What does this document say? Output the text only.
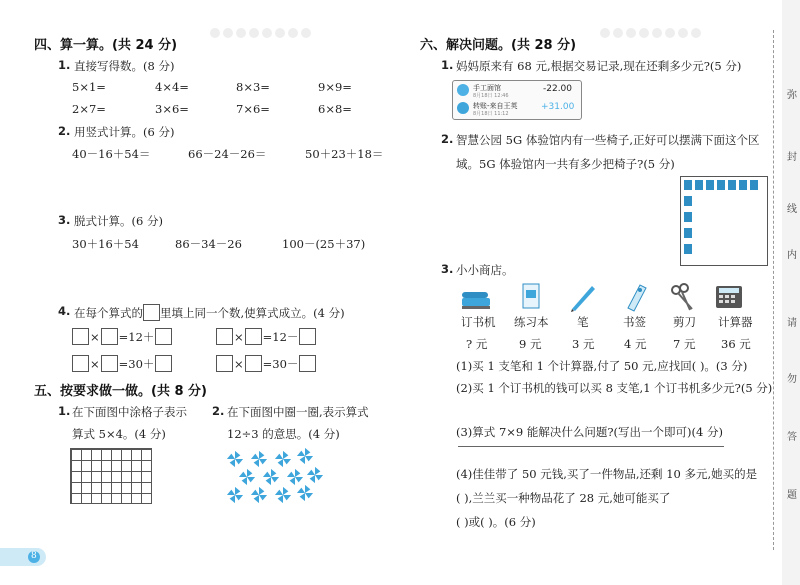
四、算一算。(共 24 分)
1. 直接写得数。(8 分)
5×1=	4×4=	8×3=	9×9=
2×7=	3×6=	7×6=	6×8=
2. 用竖式计算。(6 分)
40－16＋54＝	66－24－26＝	50＋23＋18＝
3. 脱式计算。(6 分)
30＋16＋54	86－34－26	100－(25＋37)
4. 在每个算式的 里填上同一个数,使算式成立。(4 分)
× =12＋	× =12－
× =30＋	× =30－
五、按要求做一做。(共 8 分)
1. 在下面图中涂格子表示
算式 5×4。(4 分)
2. 在下面图中圈一圈,表示算式
12÷3 的意思。(4 分)
8
六、解决问题。(共 28 分)
1. 妈妈原来有 68 元,根据交易记录,现在还剩多少元?(5 分)
手工面馆
8月18日 12:46
-22.00
转账-来自王英
8月18日 11:12
+31.00
2. 智慧公园 5G 体验馆内有一些椅子,正好可以摆满下面这个区
域。5G 体验馆内一共有多少把椅子?(5 分)
3. 小小商店。
订书机 练习本 笔	书签 剪刀 计算器
? 元	9 元	3 元	4 元 7 元 36 元
(1)买 1 支笔和 1 个计算器,付了 50 元,应找回( )。(3 分)
(2)买 1 个订书机的钱可以买 8 支笔,1 个订书机多少元?(5 分)
(3)算式 7×9 能解决什么问题?(写出一个即可)(4 分)
(4)佳佳带了 50 元钱,买了一件物品,还剩 10 多元,她买的是
( ),兰兰买一种物品花了 28 元,她可能买了
( )或( )。(6 分)
弥
封
线
内
请
勿
答
题
